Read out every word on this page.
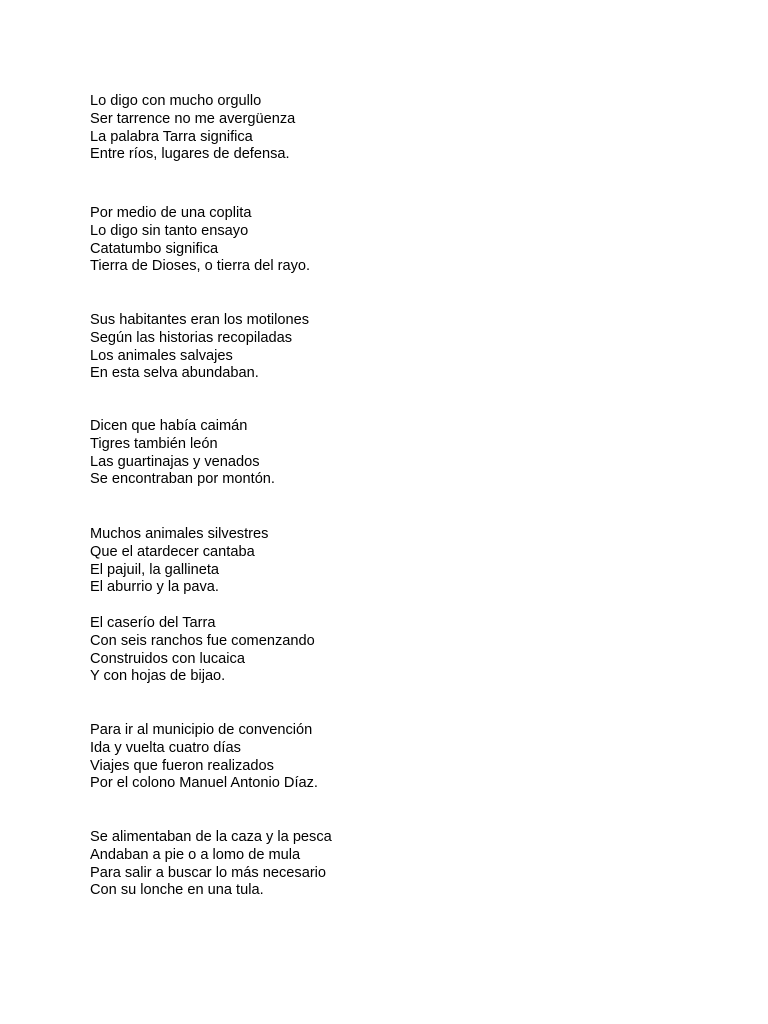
Lo digo con mucho orgullo
Ser tarrence no me avergüenza
La palabra Tarra significa
Entre ríos, lugares de defensa.
Por medio de una coplita
Lo digo sin tanto ensayo
Catatumbo significa
Tierra de Dioses, o tierra del rayo.
Sus habitantes eran los motilones
Según las historias recopiladas
Los animales salvajes
En esta selva abundaban.
Dicen que había caimán
Tigres también león
Las guartinajas y venados
Se encontraban por montón.
Muchos animales silvestres
Que el atardecer cantaba
El pajuil, la gallineta
El aburrio y la pava.
El caserío del Tarra
Con seis ranchos fue comenzando
Construidos con lucaica
Y con hojas de bijao.
Para ir al municipio de convención
Ida y vuelta cuatro días
Viajes que fueron realizados
Por el colono Manuel Antonio Díaz.
Se alimentaban de la caza y la pesca
Andaban a pie o a lomo de mula
Para salir a buscar lo más necesario
Con su lonche en una tula.
